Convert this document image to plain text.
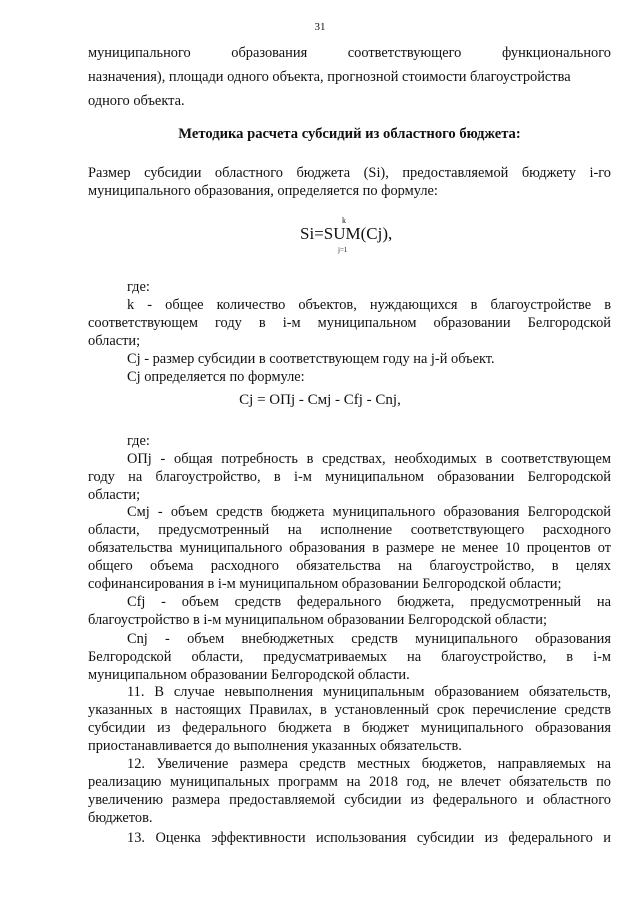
31
муниципального	образования	соответствующего	функционального
назначения), площади одного объекта, прогнозной стоимости благоустройства
одного объекта.
Методика расчета субсидий из областного бюджета:
Размер субсидии областного бюджета (Si), предоставляемой бюджету i-го
муниципального образования, определяется по формуле:
k
Si=SUM(Cj),
j=1
где:
k - общее количество объектов, нуждающихся в благоустройстве в
соответствующем году в i-м муниципальном образовании Белгородской
области;
Cj - размер субсидии в соответствующем году на j-й объект.
Cj определяется по формуле:
Cj = ОПj - Cмj - Cfj - Cnj,
где:
ОПj - общая потребность в средствах, необходимых в соответствующем
году на благоустройство, в i-м муниципальном образовании Белгородской
области;
Cмj - объем средств бюджета муниципального образования Белгородской
области, предусмотренный на исполнение соответствующего расходного
обязательства муниципального образования в размере не менее 10 процентов от
общего объема расходного обязательства на благоустройство, в целях
софинансирования в i-м муниципальном образовании Белгородской области;
Cfj - объем средств федерального бюджета, предусмотренный на
благоустройство в i-м муниципальном образовании Белгородской области;
Cnj - объем внебюджетных средств муниципального образования
Белгородской области, предусматриваемых на благоустройство, в i-м
муниципальном образовании Белгородской области.
11. В случае невыполнения муниципальным образованием обязательств,
указанных в настоящих Правилах, в установленный срок перечисление средств
субсидии из федерального бюджета в бюджет муниципального образования
приостанавливается до выполнения указанных обязательств.
12. Увеличение размера средств местных бюджетов, направляемых на
реализацию муниципальных программ на 2018 год, не влечет обязательств по
увеличению размера предоставляемой субсидии из федерального и областного
бюджетов.
13. Оценка эффективности использования субсидии из федерального и
